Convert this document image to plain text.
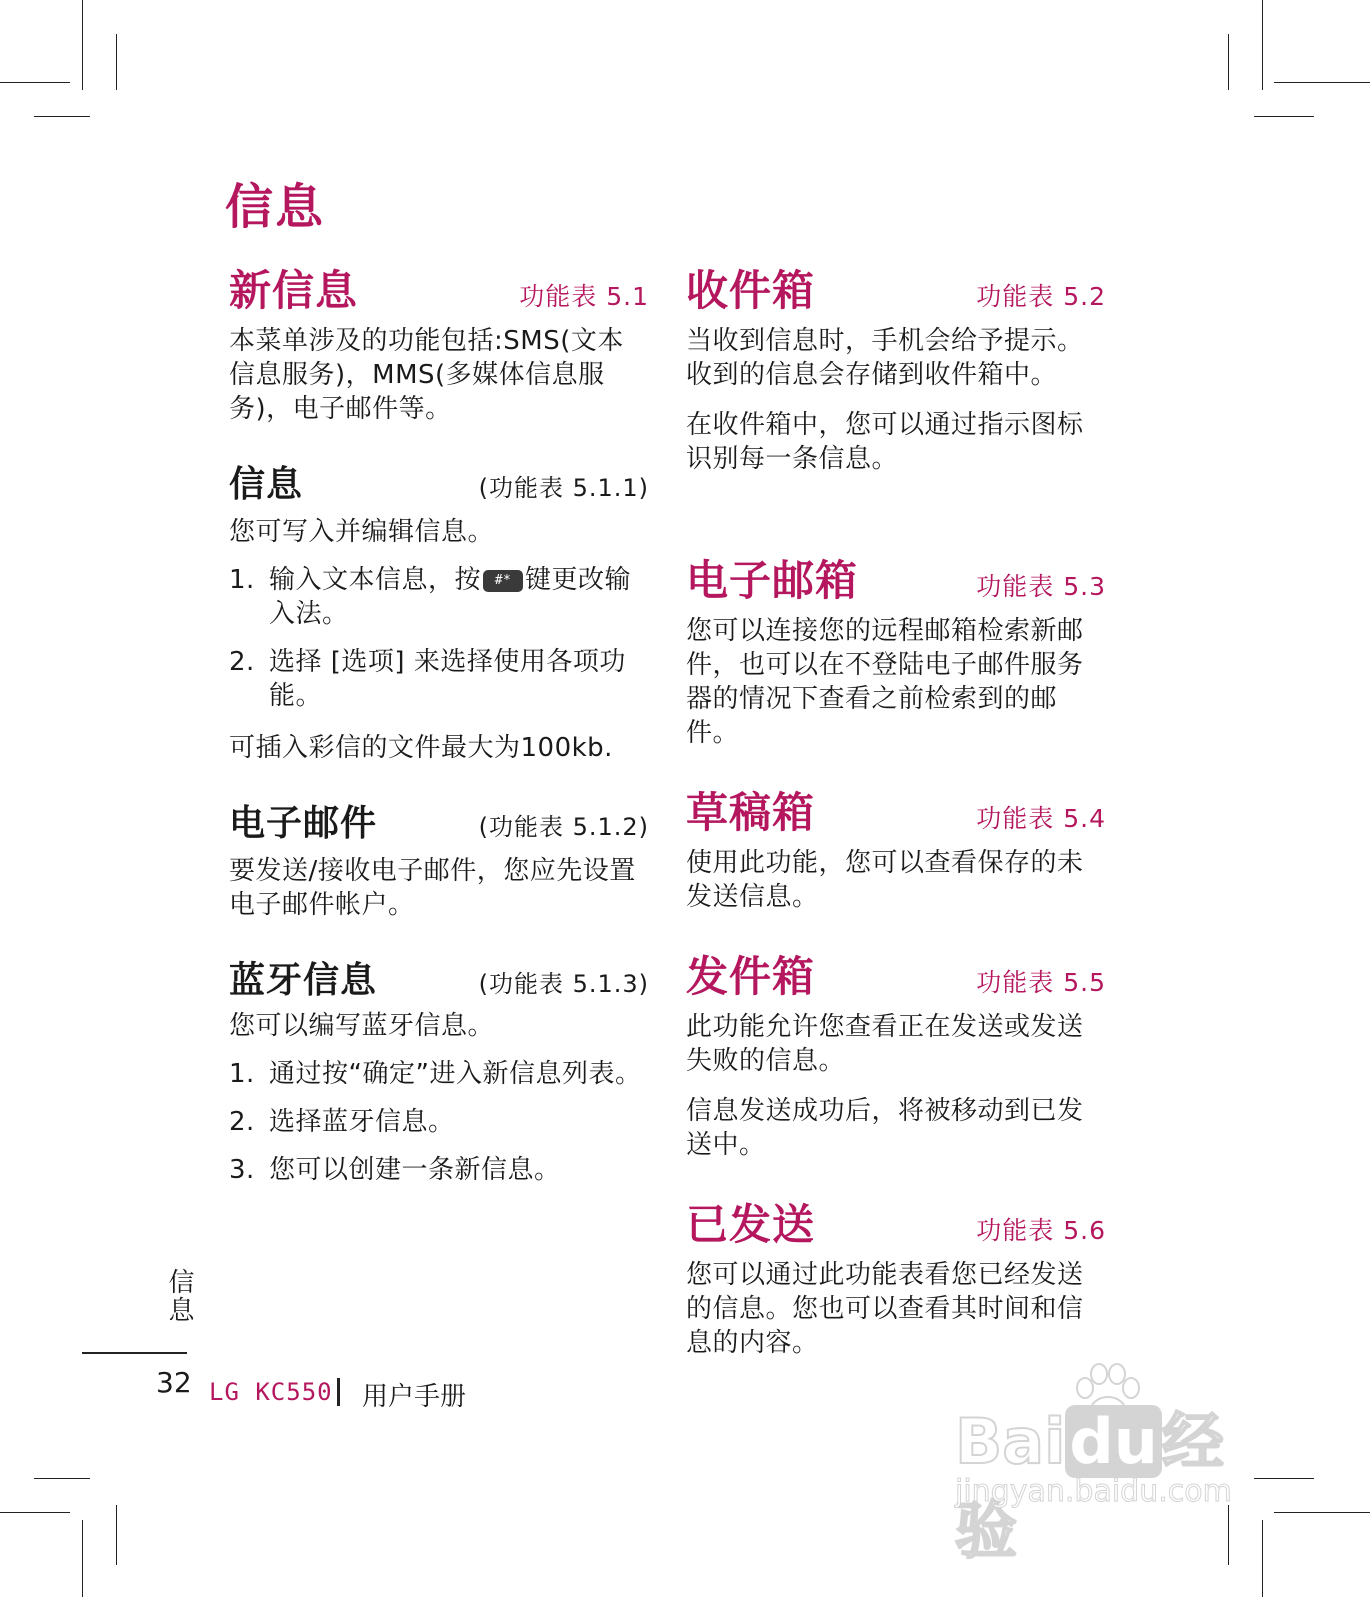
信息
新信息	功能表 5.1

本菜单涉及的功能包括:SMS(文本信息服务)，MMS(多媒体信息服务)，电子邮件等。

信息	(功能表 5.1.1)

您可写入并编辑信息。

1. 输入文本信息，按 #* 键更改输入法。
2. 选择 [选项] 来选择使用各项功能。

可插入彩信的文件最大为100kb.

电子邮件	(功能表 5.1.2)

要发送/接收电子邮件，您应先设置电子邮件帐户。

蓝牙信息	(功能表 5.1.3)

您可以编写蓝牙信息。

1. 通过按“确定”进入新信息列表。
2. 选择蓝牙信息。
3. 您可以创建一条新信息。
收件箱	功能表 5.2

当收到信息时，手机会给予提示。收到的信息会存储到收件箱中。

在收件箱中，您可以通过指示图标识别每一条信息。

电子邮箱	功能表 5.3

您可以连接您的远程邮箱检索新邮件，也可以在不登陆电子邮件服务器的情况下查看之前检索到的邮件。

草稿箱	功能表 5.4

使用此功能，您可以查看保存的未发送信息。

发件箱	功能表 5.5

此功能允许您查看正在发送或发送失败的信息。

信息发送成功后，将被移动到已发送中。

已发送	功能表 5.6

您可以通过此功能表看您已经发送的信息。您也可以查看其时间和信息的内容。

信息
32 LG KC550 用户手册
Baidu经验
jingyan.baidu.com
